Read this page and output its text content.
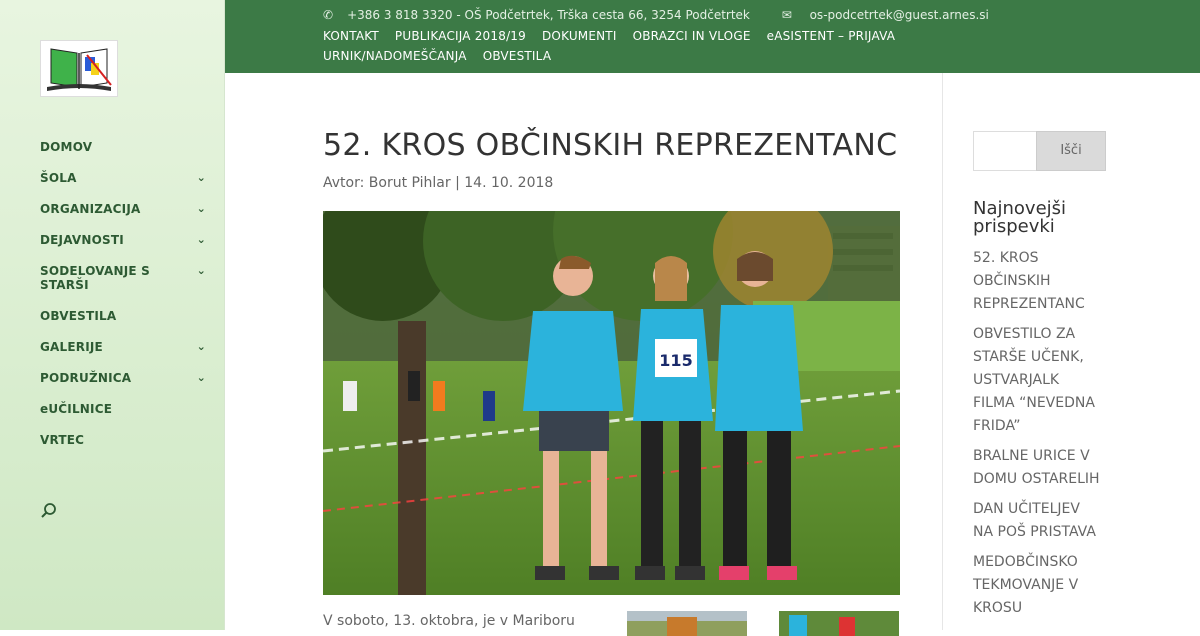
DOMOV
ŠOLA	⌄
ORGANIZACIJA	⌄
DEJAVNOSTI	⌄
SODELOVANJE S STARŠI
⌄
OBVESTILA
GALERIJE	⌄
PODRUŽNICA	⌄
eUČILNICE
VRTEC
✆ +386 3 818 3320 - OŠ Podčetrtek, Trška cesta 66, 3254 Podčetrtek	✉ os-podcetrtek@guest.arnes.si
KONTAKT PUBLIKACIJA 2018/19 DOKUMENTI OBRAZCI IN VLOGE eASISTENT – PRIJAVAURNIK/NADOMEŠČANJA OBVESTILA
52. KROS OBČINSKIH REPREZENTANC
Avtor: Borut Pihlar | 14. 10. 2018
115
V soboto, 13. oktobra, je v Mariboru
Išči
Najnovejši prispevki
52. KROS OBČINSKIH REPREZENTANC
OBVESTILO ZA STARŠE UČENK, USTVARJALK FILMA “NEVEDNA FRIDA”
BRALNE URICE V DOMU OSTARELIH
DAN UČITELJEV NA POŠ PRISTAVA
MEDOBČINSKO TEKMOVANJE V KROSU
